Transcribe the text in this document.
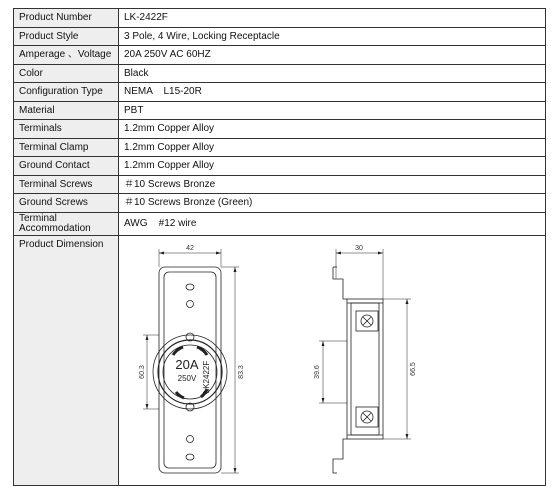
Product Number	LK-2422F
Product Style	3 Pole, 4 Wire, Locking Receptacle
Amperage 、Voltage	20A 250V AC 60HZ
Color	Black
Configuration Type	NEMA    L15-20R
Material	PBT
Terminals	1.2mm Copper Alloy
Terminal Clamp	1.2mm Copper Alloy
Ground Contact	1.2mm Copper Alloy
Terminal Screws	＃10 Screws Bronze
Ground Screws	＃10 Screws Bronze (Green)
Terminal Accommodation	AWG    #12 wire
Product Dimension		42
60.3	83.3
20A
250V LK2422F
30
39.6	66.5
